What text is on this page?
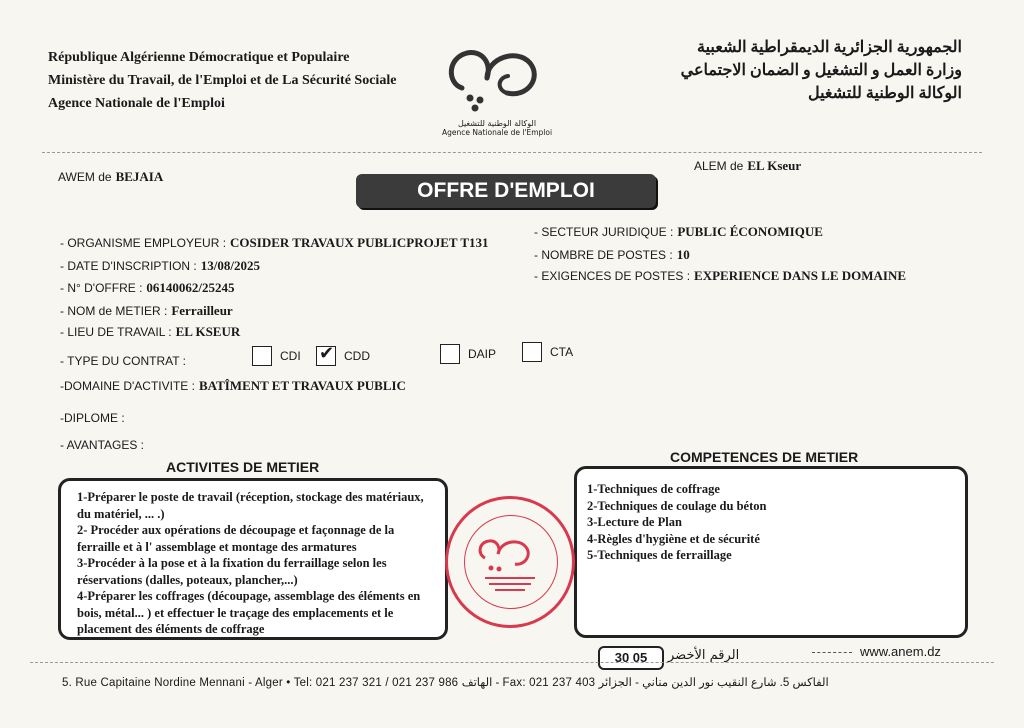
République Algérienne Démocratique et Populaire
Ministère du Travail, de l'Emploi et de La Sécurité Sociale
Agence Nationale de l'Emploi
الوكالة الوطنية للتشغيل
Agence Nationale de l'Emploi
الجمهورية الجزائرية الديمقراطية الشعبية
وزارة العمل و التشغيل و الضمان الاجتماعي
الوكالة الوطنية للتشغيل
AWEM de BEJAIA
ALEM de EL Kseur
OFFRE D'EMPLOI
- ORGANISME EMPLOYEUR : COSIDER TRAVAUX PUBLICPROJET T131
- DATE D'INSCRIPTION : 13/08/2025
- N° D'OFFRE : 06140062/25245
- NOM de METIER : Ferrailleur
- LIEU DE TRAVAIL : EL KSEUR
- SECTEUR JURIDIQUE : PUBLIC ÉCONOMIQUE
- NOMBRE DE POSTES : 10
- EXIGENCES DE POSTES : EXPERIENCE DANS LE DOMAINE
- TYPE DU CONTRAT :	CDI ✔ CDD	DAIP	CTA
-DOMAINE D'ACTIVITE : BATÎMENT ET TRAVAUX PUBLIC
-DIPLOME :
- AVANTAGES :
ACTIVITES DE METIER
COMPETENCES DE METIER
1-Préparer le poste de travail (réception, stockage des matériaux, du matériel, ... .)
2- Procéder aux opérations de découpage et façonnage de la ferraille et à l' assemblage et montage des armatures
3-Procéder à la pose et à la fixation du ferraillage selon les réservations (dalles, poteaux, plancher,...)
4-Préparer les coffrages (découpage, assemblage des éléments en bois, métal... ) et effectuer le traçage des emplacements et le placement des éléments de coffrage
1-Techniques de coffrage
2-Techniques de coulage du béton
3-Lecture de Plan
4-Règles d'hygiène et de sécurité
5-Techniques de ferraillage
30 05	الرقم الأخضر	www.anem.dz
5. Rue Capitaine Nordine Mennani - Alger • Tel: 021 237 321 / 021 237 986 الهاتف - Fax: 021 237 403	الفاكس 5. شارع النقيب نور الدين مناني - الجزائر
